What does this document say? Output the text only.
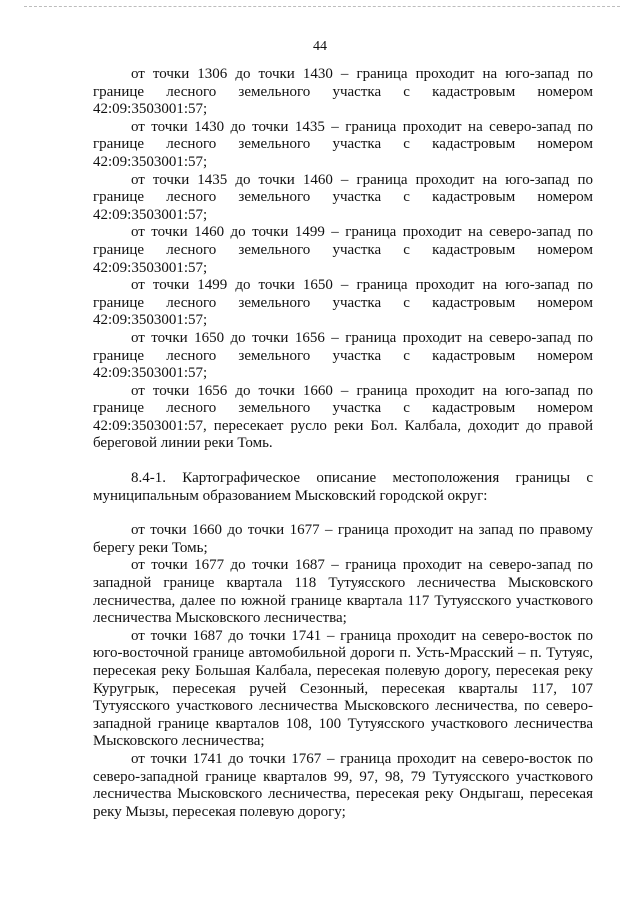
44

от точки 1306 до точки 1430 – граница проходит на юго-запад по границе лесного земельного участка с кадастровым номером 42:09:3503001:57;

от точки 1430 до точки 1435 – граница проходит на северо-запад по границе лесного земельного участка с кадастровым номером 42:09:3503001:57;

от точки 1435 до точки 1460 – граница проходит на юго-запад по границе лесного земельного участка с кадастровым номером 42:09:3503001:57;

от точки 1460 до точки 1499 – граница проходит на северо-запад по границе лесного земельного участка с кадастровым номером 42:09:3503001:57;

от точки 1499 до точки 1650 – граница проходит на юго-запад по границе лесного земельного участка с кадастровым номером 42:09:3503001:57;

от точки 1650 до точки 1656 – граница проходит на северо-запад по границе лесного земельного участка с кадастровым номером 42:09:3503001:57;

от точки 1656 до точки 1660 – граница проходит на юго-запад по границе лесного земельного участка с кадастровым номером 42:09:3503001:57, пересекает русло реки Бол. Калбала, доходит до правой береговой линии реки Томь.

8.4-1. Картографическое описание местоположения границы с муниципальным образованием Мысковский городской округ:

от точки 1660 до точки 1677 – граница проходит на запад по правому берегу реки Томь;

от точки 1677 до точки 1687 – граница проходит на северо-запад по западной границе квартала 118 Тутуясского лесничества Мысковского лесничества, далее по южной границе квартала 117 Тутуясского участкового лесничества Мысковского лесничества;

от точки 1687 до точки 1741 – граница проходит на северо-восток по юго-восточной границе автомобильной дороги п. Усть-Мрасский – п. Тутуяс, пересекая реку Большая Калбала, пересекая полевую дорогу, пересекая реку Куругрык, пересекая ручей Сезонный, пересекая кварталы 117, 107 Тутуясского участкового лесничества Мысковского лесничества, по северо-западной границе кварталов 108, 100 Тутуясского участкового лесничества Мысковского лесничества;

от точки 1741 до точки 1767 – граница проходит на северо-восток по северо-западной границе кварталов 99, 97, 98, 79 Тутуясского участкового лесничества Мысковского лесничества, пересекая реку Ондыгаш, пересекая реку Мызы, пересекая полевую дорогу;
